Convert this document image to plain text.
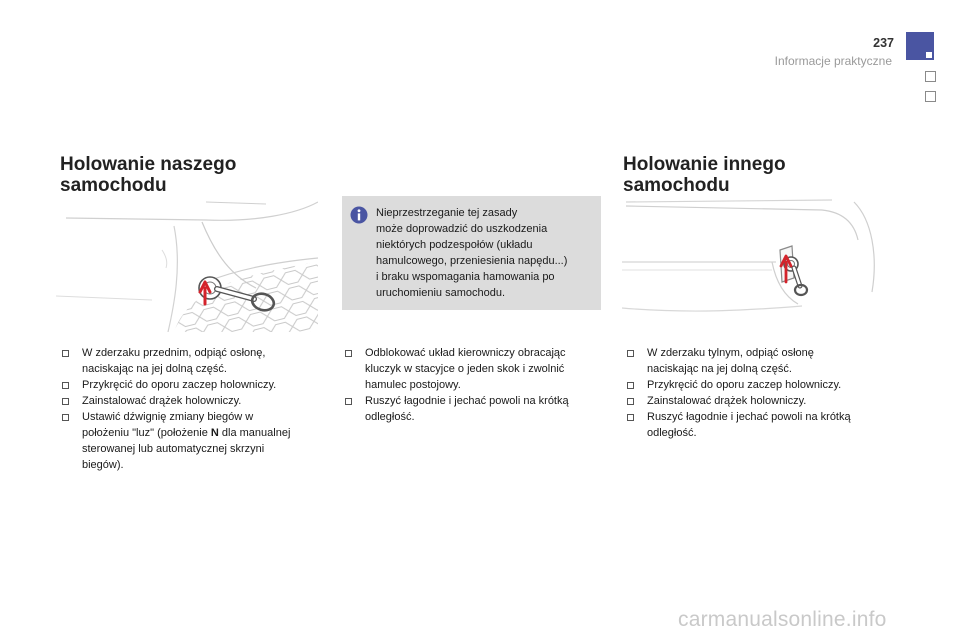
237
Informacje praktyczne
Holowanie naszego
samochodu
Nieprzestrzeganie tej zasady
może doprowadzić do uszkodzenia
niektórych podzespołów (układu
hamulcowego, przeniesienia napędu...)
i braku wspomagania hamowania po
uruchomieniu samochodu.
Holowanie innego
samochodu
W zderzaku przednim, odpiąć osłonę,
naciskając na jej dolną część.
Przykręcić do oporu zaczep holowniczy.
Zainstalować drążek holowniczy.
Ustawić dźwignię zmiany biegów w
położeniu "luz" (położenie N dla manualnej
sterowanej lub automatycznej skrzyni
biegów).
Odblokować układ kierowniczy obracając
kluczyk w stacyjce o jeden skok i zwolnić
hamulec postojowy.
Ruszyć łagodnie i jechać powoli na krótką
odległość.
W zderzaku tylnym, odpiąć osłonę
naciskając na jej dolną część.
Przykręcić do oporu zaczep holowniczy.
Zainstalować drążek holowniczy.
Ruszyć łagodnie i jechać powoli na krótką
odległość.
carmanualsonline.info
